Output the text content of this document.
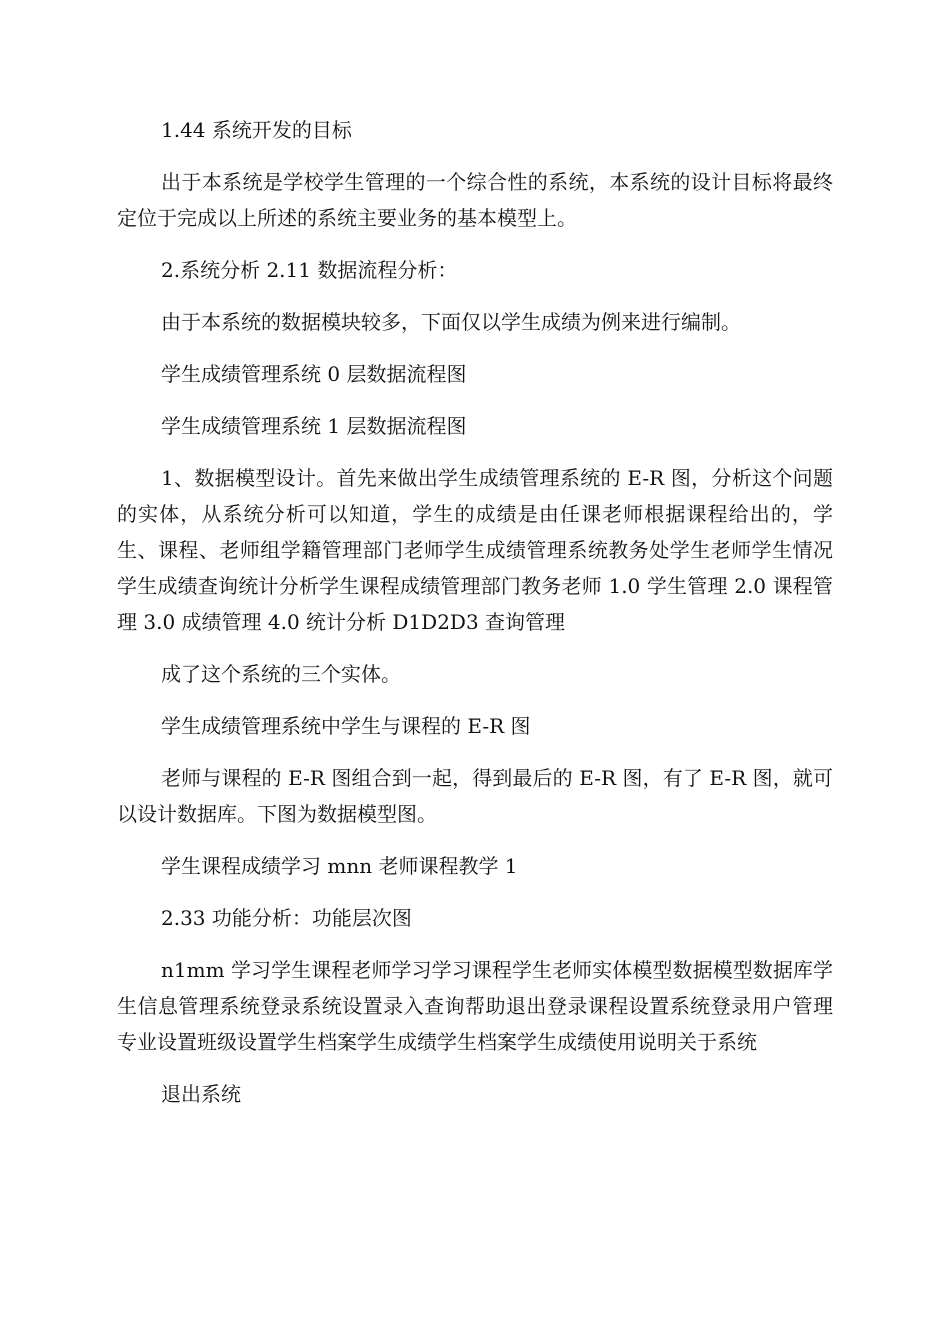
1.44 系统开发的目标

出于本系统是学校学生管理的一个综合性的系统，本系统的设计目标将最终定位于完成以上所述的系统主要业务的基本模型上。

2.系统分析 2.11 数据流程分析：

由于本系统的数据模块较多，下面仅以学生成绩为例来进行编制。

学生成绩管理系统 0 层数据流程图

学生成绩管理系统 1 层数据流程图

1、数据模型设计。首先来做出学生成绩管理系统的 E-R 图，分析这个问题的实体，从系统分析可以知道，学生的成绩是由任课老师根据课程给出的，学生、课程、老师组学籍管理部门老师学生成绩管理系统教务处学生老师学生情况学生成绩查询统计分析学生课程成绩管理部门教务老师 1.0 学生管理 2.0 课程管理 3.0 成绩管理 4.0 统计分析 D1D2D3 查询管理

成了这个系统的三个实体。

学生成绩管理系统中学生与课程的 E-R 图

老师与课程的 E-R 图组合到一起，得到最后的 E-R 图，有了 E-R 图，就可以设计数据库。下图为数据模型图。

学生课程成绩学习 mnn 老师课程教学 1

2.33 功能分析：功能层次图

n1mm 学习学生课程老师学习学习课程学生老师实体模型数据模型数据库学生信息管理系统登录系统设置录入查询帮助退出登录课程设置系统登录用户管理专业设置班级设置学生档案学生成绩学生档案学生成绩使用说明关于系统

退出系统
